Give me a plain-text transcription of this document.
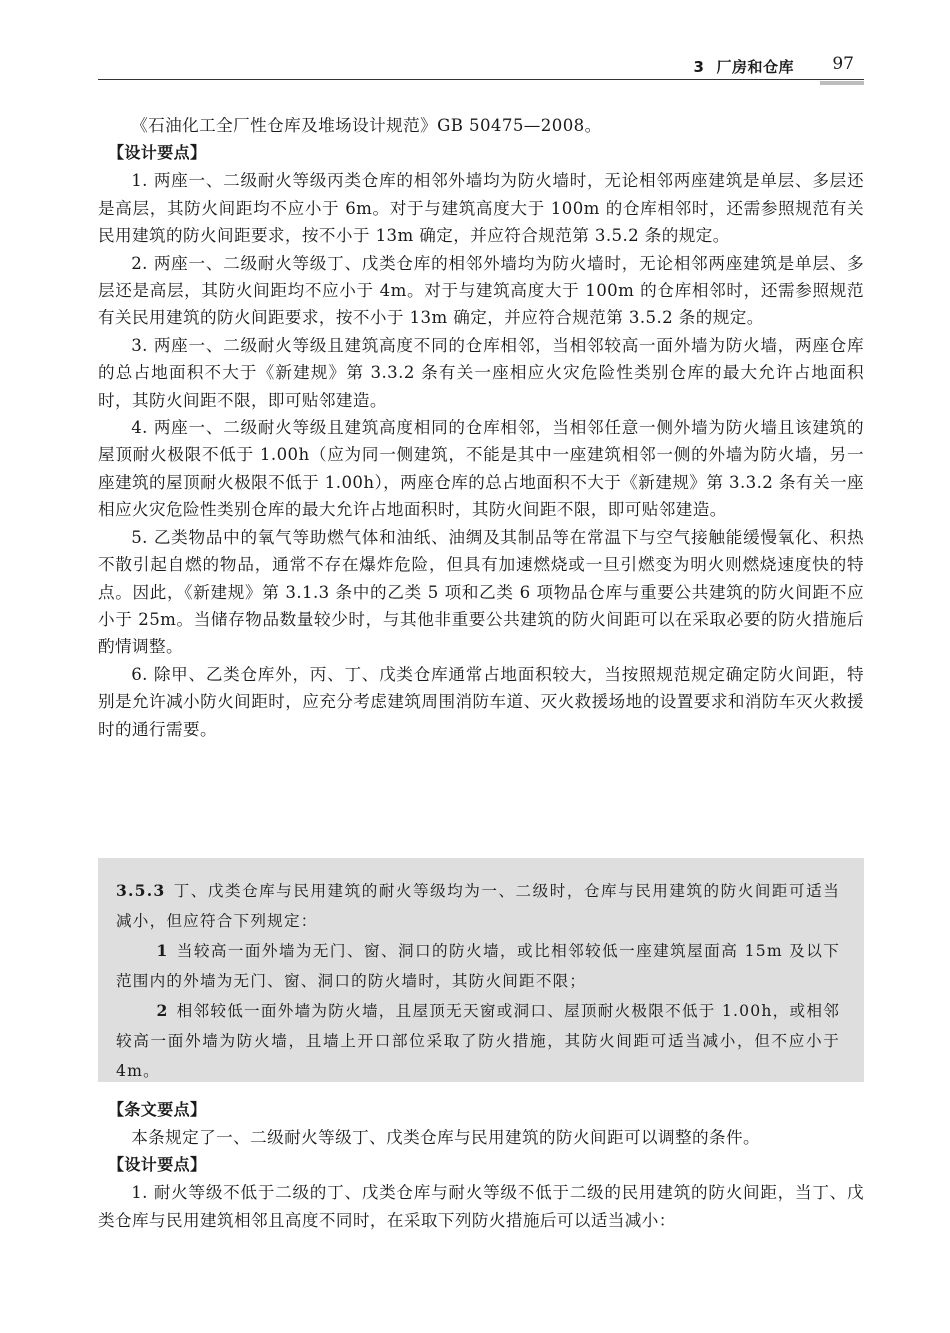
3 厂房和仓库 97

《石油化工全厂性仓库及堆场设计规范》GB 50475—2008。

【设计要点】

1. 两座一、二级耐火等级丙类仓库的相邻外墙均为防火墙时，无论相邻两座建筑是单层、多层还是高层，其防火间距均不应小于 6m。对于与建筑高度大于 100m 的仓库相邻时，还需参照规范有关民用建筑的防火间距要求，按不小于 13m 确定，并应符合规范第 3.5.2 条的规定。

2. 两座一、二级耐火等级丁、戊类仓库的相邻外墙均为防火墙时，无论相邻两座建筑是单层、多层还是高层，其防火间距均不应小于 4m。对于与建筑高度大于 100m 的仓库相邻时，还需参照规范有关民用建筑的防火间距要求，按不小于 13m 确定，并应符合规范第 3.5.2 条的规定。

3. 两座一、二级耐火等级且建筑高度不同的仓库相邻，当相邻较高一面外墙为防火墙，两座仓库的总占地面积不大于《新建规》第 3.3.2 条有关一座相应火灾危险性类别仓库的最大允许占地面积时，其防火间距不限，即可贴邻建造。

4. 两座一、二级耐火等级且建筑高度相同的仓库相邻，当相邻任意一侧外墙为防火墙且该建筑的屋顶耐火极限不低于 1.00h（应为同一侧建筑，不能是其中一座建筑相邻一侧的外墙为防火墙，另一座建筑的屋顶耐火极限不低于 1.00h），两座仓库的总占地面积不大于《新建规》第 3.3.2 条有关一座相应火灾危险性类别仓库的最大允许占地面积时，其防火间距不限，即可贴邻建造。

5. 乙类物品中的氧气等助燃气体和油纸、油绸及其制品等在常温下与空气接触能缓慢氧化、积热不散引起自燃的物品，通常不存在爆炸危险，但具有加速燃烧或一旦引燃变为明火则燃烧速度快的特点。因此，《新建规》第 3.1.3 条中的乙类 5 项和乙类 6 项物品仓库与重要公共建筑的防火间距不应小于 25m。当储存物品数量较少时，与其他非重要公共建筑的防火间距可以在采取必要的防火措施后酌情调整。

6. 除甲、乙类仓库外，丙、丁、戊类仓库通常占地面积较大，当按照规范规定确定防火间距，特别是允许减小防火间距时，应充分考虑建筑周围消防车道、灭火救援场地的设置要求和消防车灭火救援时的通行需要。

3.5.3 丁、戊类仓库与民用建筑的耐火等级均为一、二级时，仓库与民用建筑的防火间距可适当减小，但应符合下列规定：

1 当较高一面外墙为无门、窗、洞口的防火墙，或比相邻较低一座建筑屋面高 15m 及以下范围内的外墙为无门、窗、洞口的防火墙时，其防火间距不限；

2 相邻较低一面外墙为防火墙，且屋顶无天窗或洞口、屋顶耐火极限不低于 1.00h，或相邻较高一面外墙为防火墙，且墙上开口部位采取了防火措施，其防火间距可适当减小，但不应小于 4m。

【条文要点】

本条规定了一、二级耐火等级丁、戊类仓库与民用建筑的防火间距可以调整的条件。

【设计要点】

1. 耐火等级不低于二级的丁、戊类仓库与耐火等级不低于二级的民用建筑的防火间距，当丁、戊类仓库与民用建筑相邻且高度不同时，在采取下列防火措施后可以适当减小：
